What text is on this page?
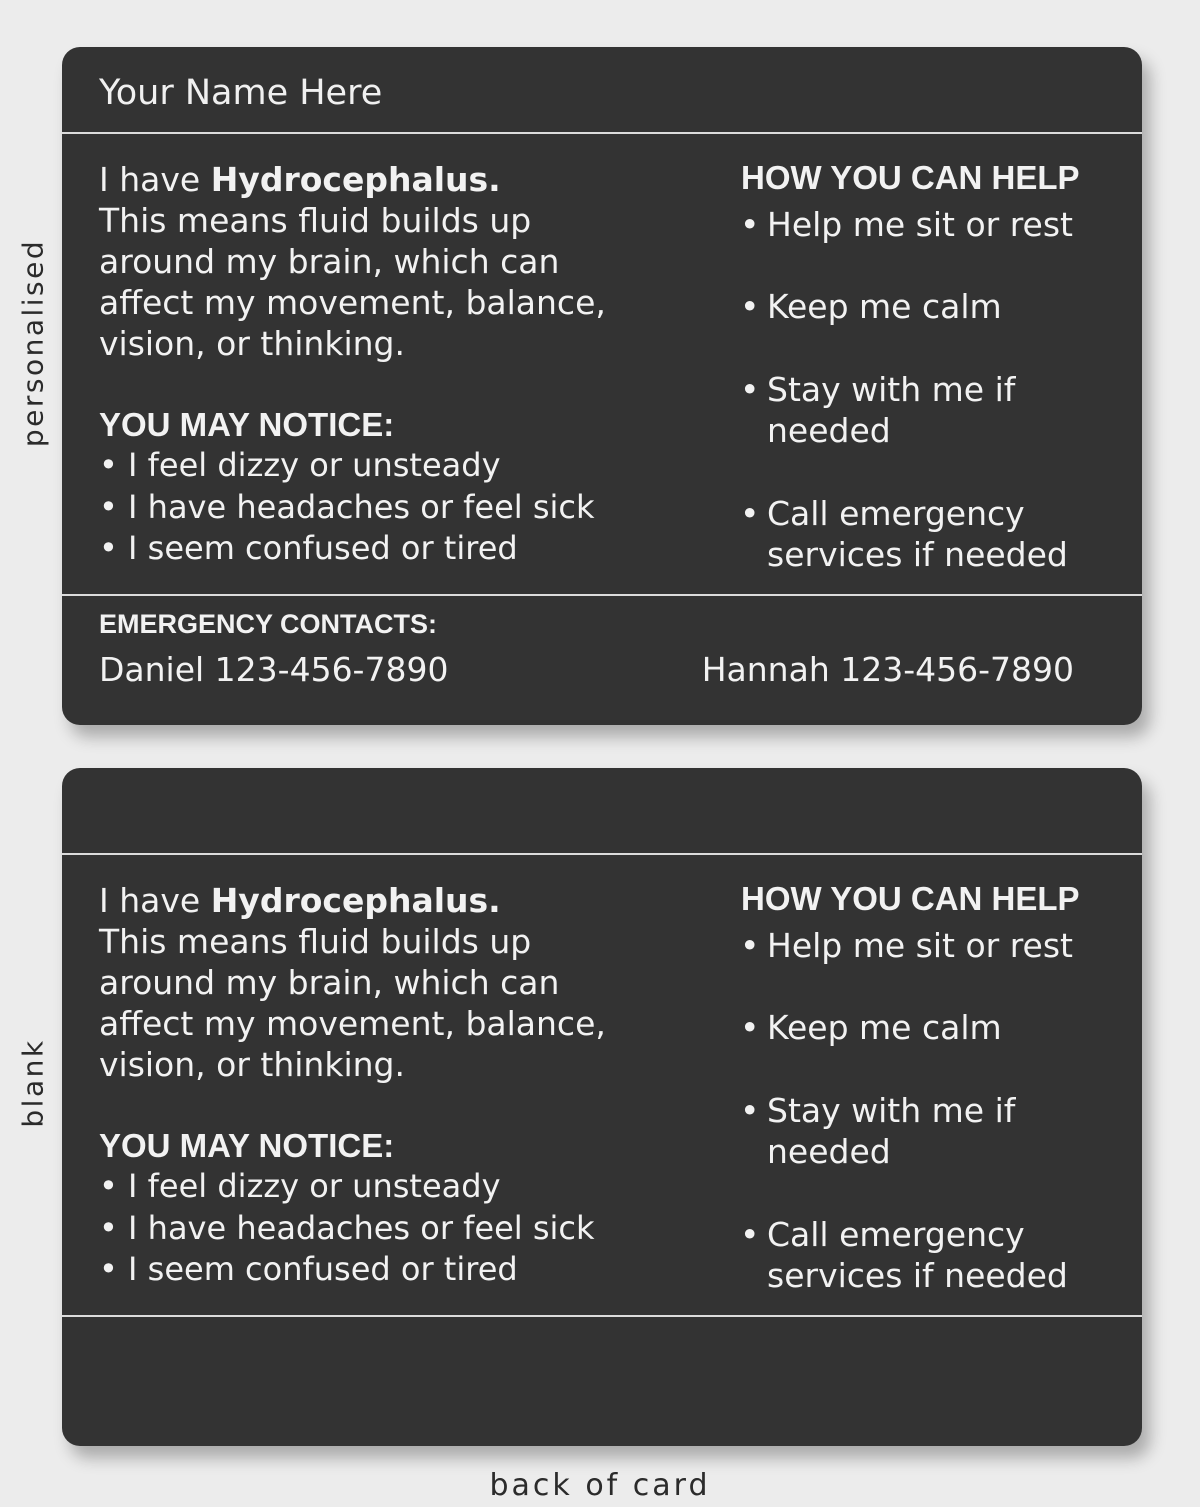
personalised
blank
Your Name Here
I have Hydrocephalus.
This means fluid builds up around my brain, which can affect my movement, balance, vision, or thinking.
YOU MAY NOTICE:
• I feel dizzy or unsteady
• I have headaches or feel sick
• I seem confused or tired
HOW YOU CAN HELP
• Help me sit or rest
• Keep me calm
• Stay with me if needed
• Call emergency services if needed
EMERGENCY CONTACTS:
Daniel 123-456-7890	Hannah 123-456-7890
I have Hydrocephalus.
This means fluid builds up around my brain, which can affect my movement, balance, vision, or thinking.
YOU MAY NOTICE:
• I feel dizzy or unsteady
• I have headaches or feel sick
• I seem confused or tired
HOW YOU CAN HELP
• Help me sit or rest
• Keep me calm
• Stay with me if needed
• Call emergency services if needed
back of card
